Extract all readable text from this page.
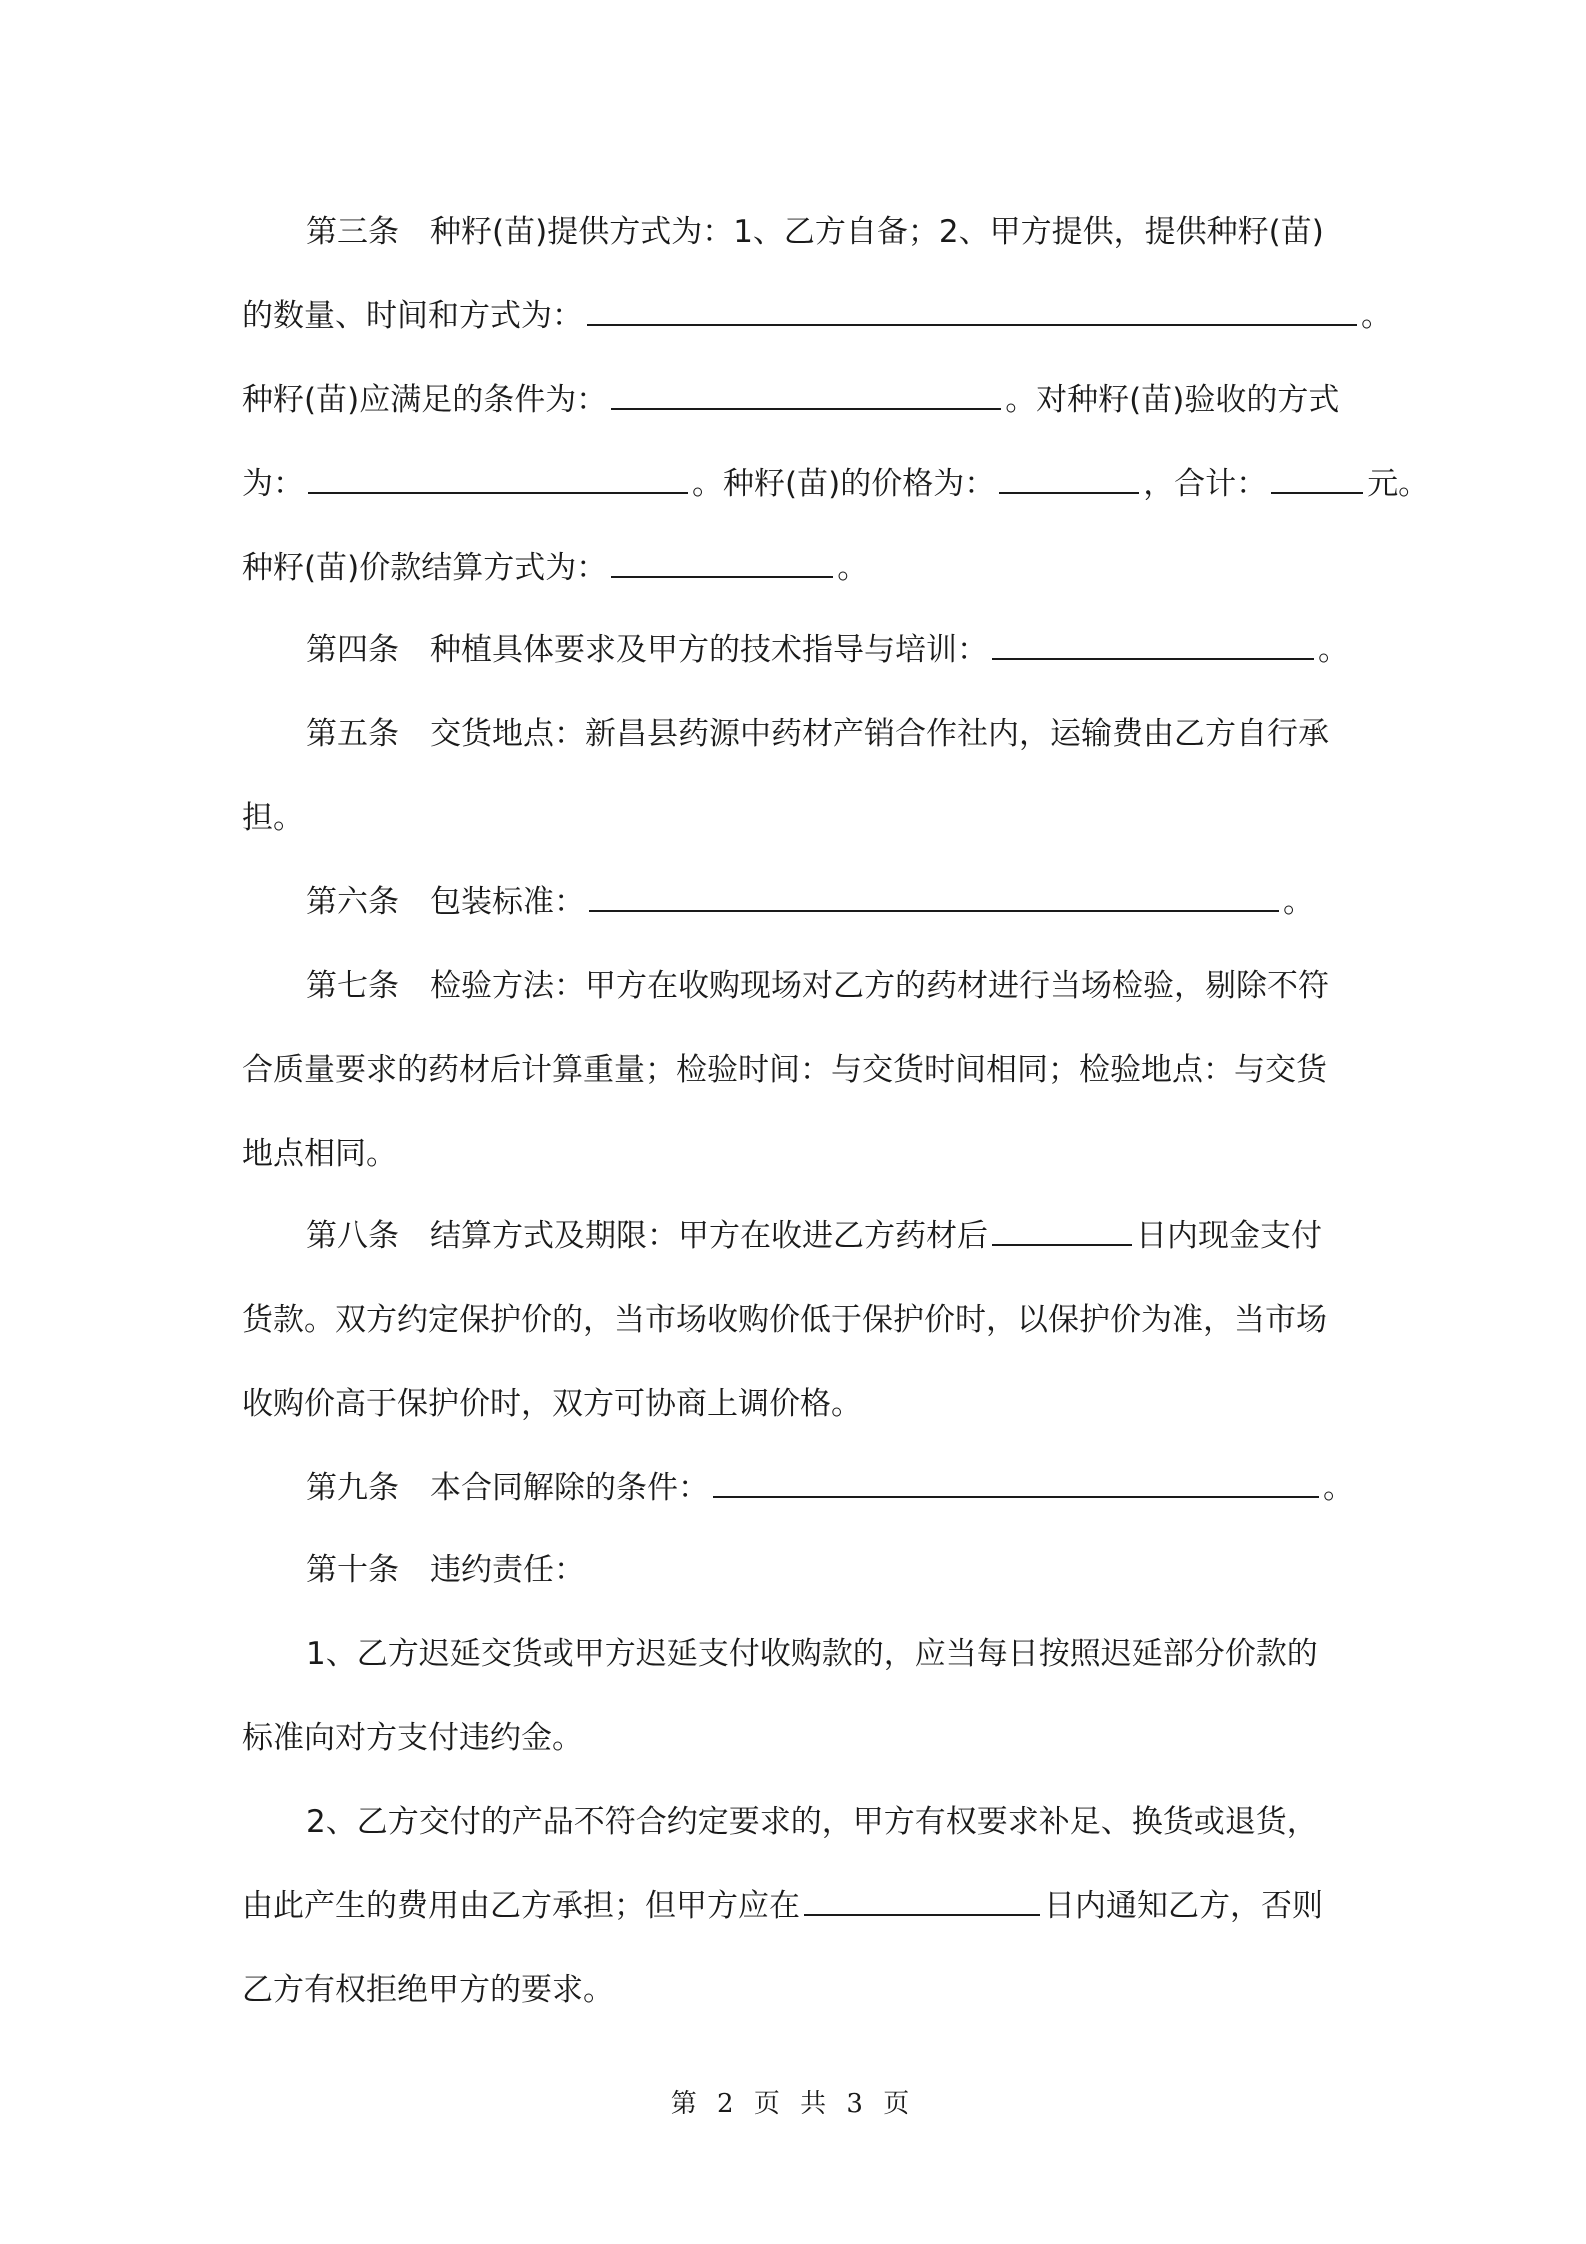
第三条 种籽(苗)提供方式为：1、乙方自备；2、甲方提供，提供种籽(苗)
的数量、时间和方式为：	。
种籽(苗)应满足的条件为：	。对种籽(苗)验收的方式
为：	。种籽(苗)的价格为：	，合计：	元。
种籽(苗)价款结算方式为：	。
第四条 种植具体要求及甲方的技术指导与培训：	。
第五条 交货地点：新昌县药源中药材产销合作社内，运输费由乙方自行承
担。
第六条 包装标准：	。
第七条 检验方法：甲方在收购现场对乙方的药材进行当场检验，剔除不符
合质量要求的药材后计算重量；检验时间：与交货时间相同；检验地点：与交货
地点相同。
第八条 结算方式及期限：甲方在收进乙方药材后	日内现金支付
货款。双方约定保护价的，当市场收购价低于保护价时，以保护价为准，当市场
收购价高于保护价时，双方可协商上调价格。
第九条 本合同解除的条件：	。
第十条 违约责任：
1、乙方迟延交货或甲方迟延支付收购款的，应当每日按照迟延部分价款的
标准向对方支付违约金。
2、乙方交付的产品不符合约定要求的，甲方有权要求补足、换货或退货，
由此产生的费用由乙方承担；但甲方应在	日内通知乙方，否则
乙方有权拒绝甲方的要求。
第 2 页 共 3 页
